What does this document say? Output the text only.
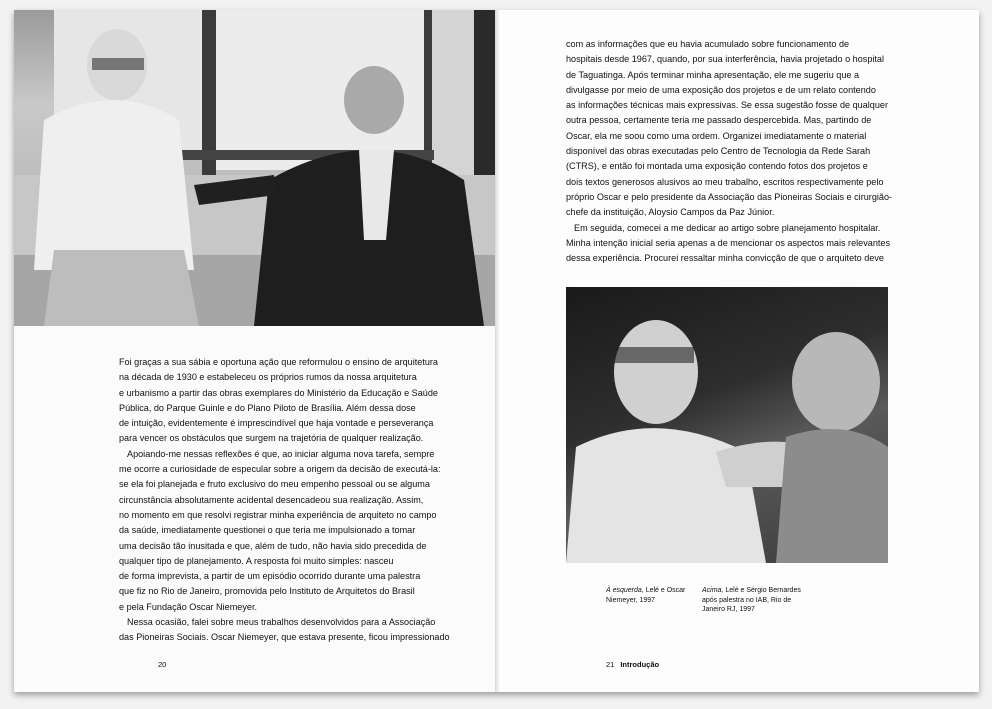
Foi graças a sua sábia e oportuna ação que reformulou o ensino de arquitetura
na década de 1930 e estabeleceu os próprios rumos da nossa arquitetura
e urbanismo a partir das obras exemplares do Ministério da Educação e Saúde
Pública, do Parque Guinle e do Plano Piloto de Brasília. Além dessa dose
de intuição, evidentemente é imprescindível que haja vontade e perseverança
para vencer os obstáculos que surgem na trajetória de qualquer realização.

Apoiando-me nessas reflexões é que, ao iniciar alguma nova tarefa, sempre
me ocorre a curiosidade de especular sobre a origem da decisão de executá-la:
se ela foi planejada e fruto exclusivo do meu empenho pessoal ou se alguma
circunstância absolutamente acidental desencadeou sua realização. Assim,
no momento em que resolvi registrar minha experiência de arquiteto no campo
da saúde, imediatamente questionei o que teria me impulsionado a tomar
uma decisão tão inusitada e que, além de tudo, não havia sido precedida de
qualquer tipo de planejamento. A resposta foi muito simples: nasceu
de forma imprevista, a partir de um episódio ocorrido durante uma palestra
que fiz no Rio de Janeiro, promovida pelo Instituto de Arquitetos do Brasil
e pela Fundação Oscar Niemeyer.

Nessa ocasião, falei sobre meus trabalhos desenvolvidos para a Associação
das Pioneiras Sociais. Oscar Niemeyer, que estava presente, ficou impressionado

20

com as informações que eu havia acumulado sobre funcionamento de
hospitais desde 1967, quando, por sua interferência, havia projetado o hospital
de Taguatinga. Após terminar minha apresentação, ele me sugeriu que a
divulgasse por meio de uma exposição dos projetos e de um relato contendo
as informações técnicas mais expressivas. Se essa sugestão fosse de qualquer
outra pessoa, certamente teria me passado despercebida. Mas, partindo de
Oscar, ela me soou como uma ordem. Organizei imediatamente o material
disponível das obras executadas pelo Centro de Tecnologia da Rede Sarah
(CTRS), e então foi montada uma exposição contendo fotos dos projetos e
dois textos generosos alusivos ao meu trabalho, escritos respectivamente pelo
próprio Oscar e pelo presidente da Associação das Pioneiras Sociais e cirurgião-
chefe da instituição, Aloysio Campos da Paz Júnior.

Em seguida, comecei a me dedicar ao artigo sobre planejamento hospitalar.
Minha intenção inicial seria apenas a de mencionar os aspectos mais relevantes
dessa experiência. Procurei ressaltar minha convicção de que o arquiteto deve

À esquerda, Lelé e Oscar Niemeyer, 1997
Acima, Lelé e Sérgio Bernardes após palestra no IAB, Rio de Janeiro RJ, 1997
21 Introdução
